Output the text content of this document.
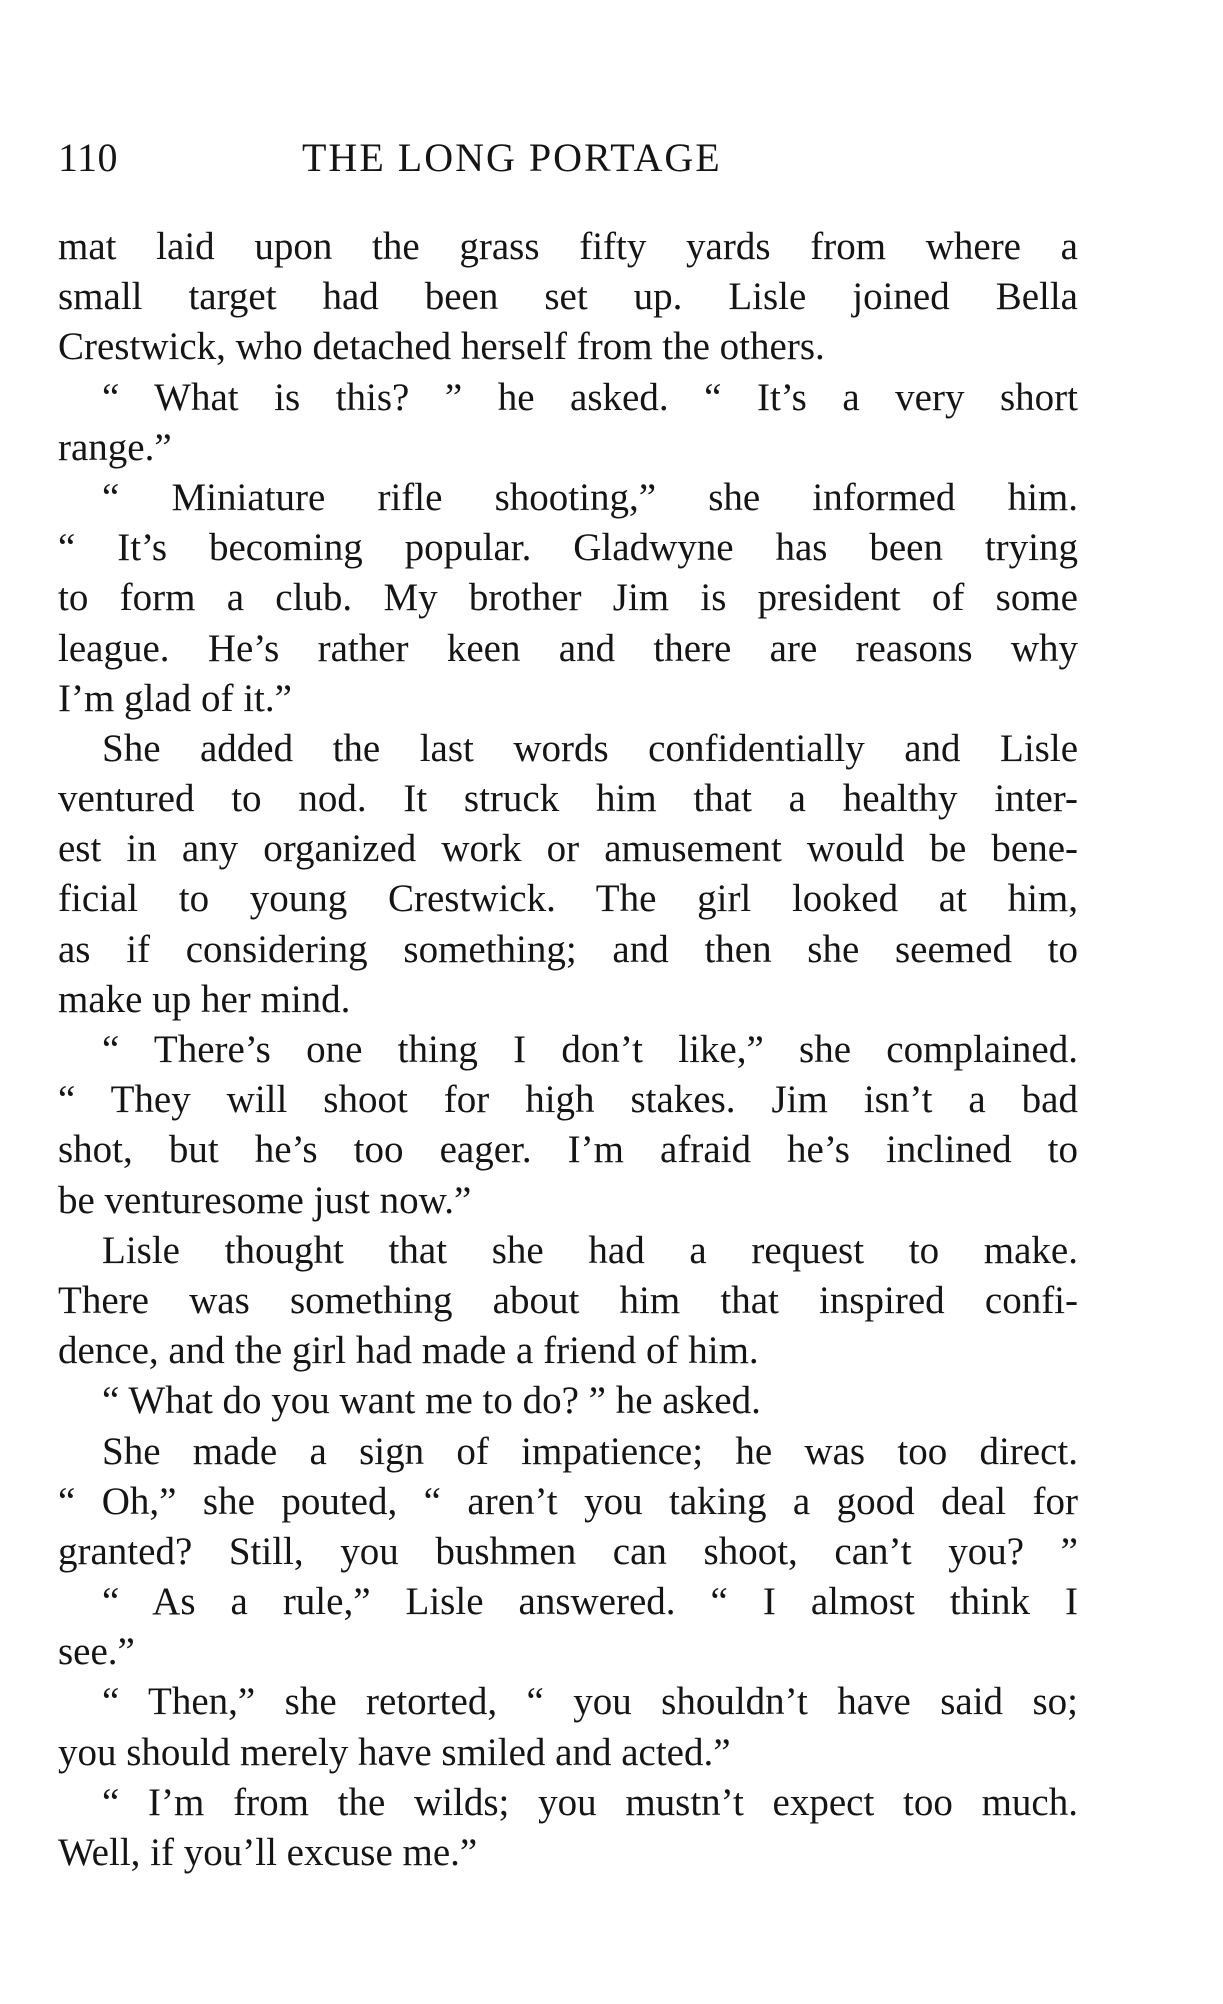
110	THE LONG PORTAGE
mat laid upon the grass fifty yards from where a
small target had been set up. Lisle joined Bella
Crestwick, who detached herself from the others.
“ What is this? ” he asked. “ It’s a very short
range.”
“ Miniature rifle shooting,” she informed him.
“ It’s becoming popular. Gladwyne has been trying
to form a club. My brother Jim is president of some
league. He’s rather keen and there are reasons why
I’m glad of it.”
She added the last words confidentially and Lisle
ventured to nod. It struck him that a healthy inter-
est in any organized work or amusement would be bene-
ficial to young Crestwick. The girl looked at him,
as if considering something; and then she seemed to
make up her mind.
“ There’s one thing I don’t like,” she complained.
“ They will shoot for high stakes. Jim isn’t a bad
shot, but he’s too eager. I’m afraid he’s inclined to
be venturesome just now.”
Lisle thought that she had a request to make.
There was something about him that inspired confi-
dence, and the girl had made a friend of him.
“ What do you want me to do? ” he asked.
She made a sign of impatience; he was too direct.
“ Oh,” she pouted, “ aren’t you taking a good deal for
granted? Still, you bushmen can shoot, can’t you? ”
“ As a rule,” Lisle answered. “ I almost think I
see.”
“ Then,” she retorted, “ you shouldn’t have said so;
you should merely have smiled and acted.”
“ I’m from the wilds; you mustn’t expect too much.
Well, if you’ll excuse me.”
